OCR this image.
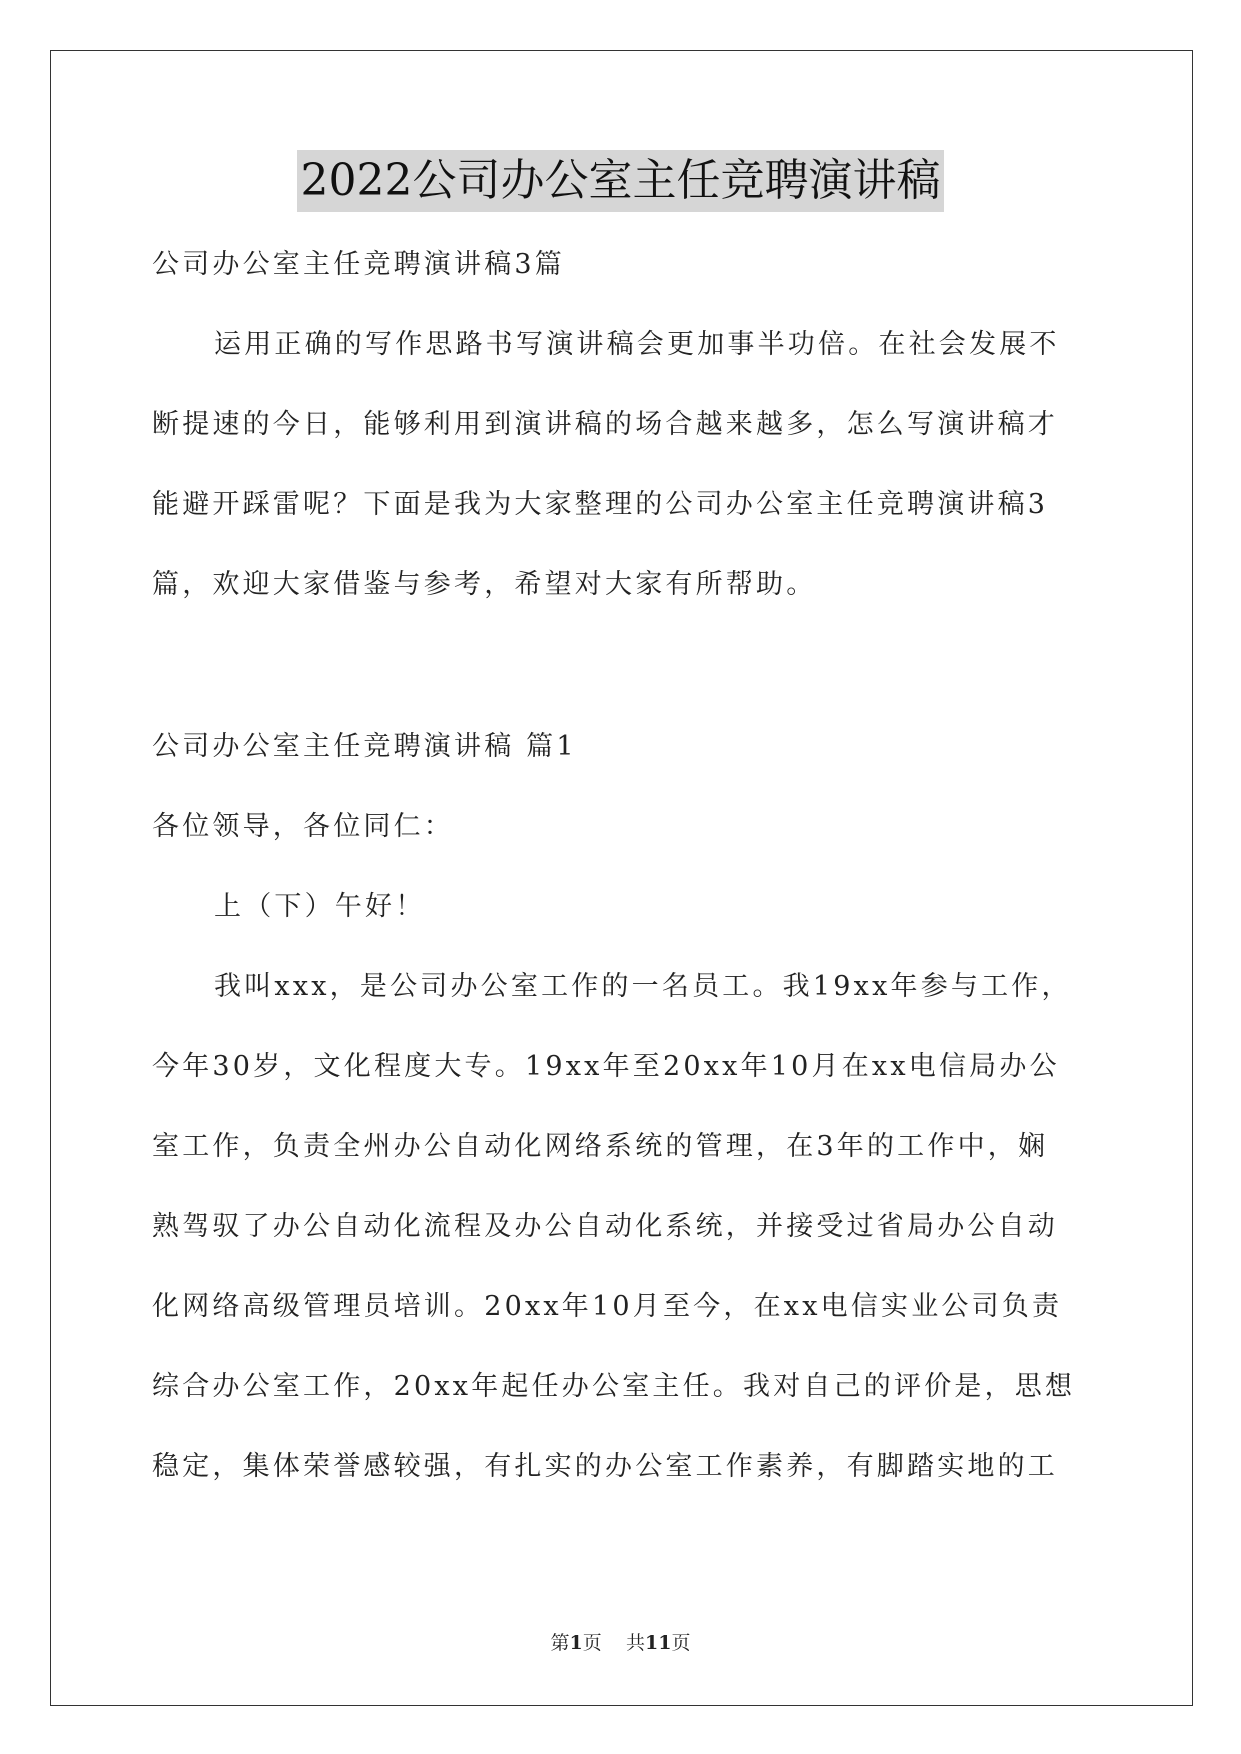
2022公司办公室主任竞聘演讲稿
公司办公室主任竞聘演讲稿3篇
运用正确的写作思路书写演讲稿会更加事半功倍。在社会发展不
断提速的今日，能够利用到演讲稿的场合越来越多，怎么写演讲稿才
能避开踩雷呢？下面是我为大家整理的公司办公室主任竞聘演讲稿3
篇，欢迎大家借鉴与参考，希望对大家有所帮助。
公司办公室主任竞聘演讲稿 篇1
各位领导，各位同仁：
上（下）午好！
我叫xxx，是公司办公室工作的一名员工。我19xx年参与工作，
今年30岁，文化程度大专。19xx年至20xx年10月在xx电信局办公
室工作，负责全州办公自动化网络系统的管理，在3年的工作中，娴
熟驾驭了办公自动化流程及办公自动化系统，并接受过省局办公自动
化网络高级管理员培训。20xx年10月至今，在xx电信实业公司负责
综合办公室工作，20xx年起任办公室主任。我对自己的评价是，思想
稳定，集体荣誉感较强，有扎实的办公室工作素养，有脚踏实地的工
第1页 共11页
